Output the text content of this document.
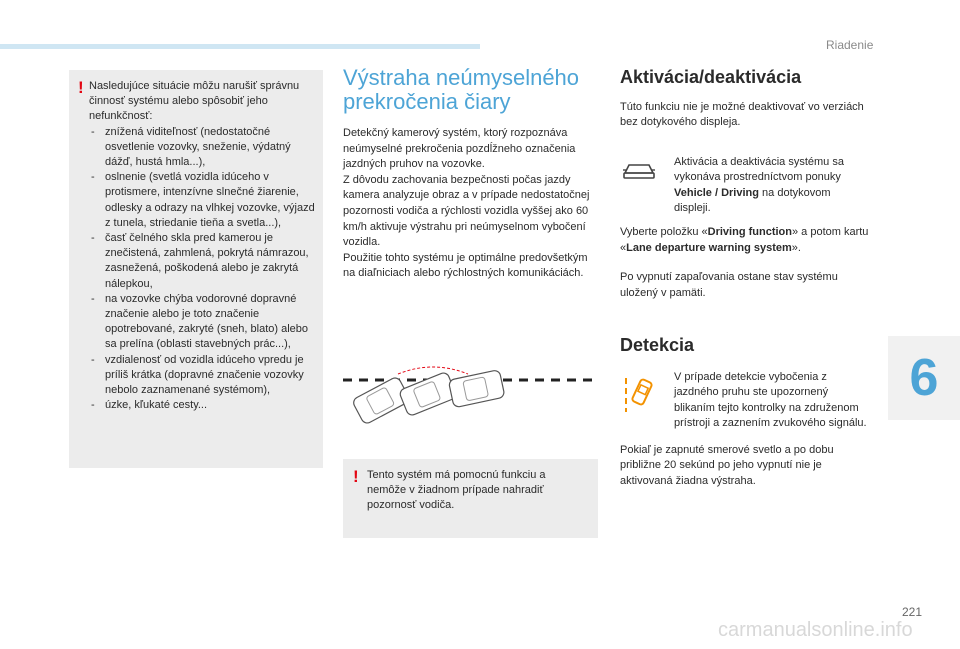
Riadenie
6
! Nasledujúce situácie môžu narušiť správnu činnosť systému alebo spôsobiť jeho nefunkčnosť:
- znížená viditeľnosť (nedostatočné osvetlenie vozovky, sneženie, výdatný dážď, hustá hmla...),
- oslnenie (svetlá vozidla idúceho v protismere, intenzívne slnečné žiarenie, odlesky a odrazy na vlhkej vozovke, výjazd z tunela, striedanie tieňa a svetla...),
- časť čelného skla pred kamerou je znečistená, zahmlená, pokrytá námrazou, zasnežená, poškodená alebo je zakrytá nálepkou,
- na vozovke chýba vodorovné dopravné značenie alebo je toto značenie opotrebované, zakryté (sneh, blato) alebo sa prelína (oblasti stavebných prác...),
- vzdialenosť od vozidla idúceho vpredu je príliš krátka (dopravné značenie vozovky nebolo zaznamenané systémom),
- úzke, kľukaté cesty...
Výstraha neúmyselného
prekročenia čiary

Detekčný kamerový systém, ktorý rozpoznáva neúmyselné prekročenia pozdĺžneho označenia jazdných pruhov na vozovke.
Z dôvodu zachovania bezpečnosti počas jazdy kamera analyzuje obraz a v prípade nedostatočnej pozornosti vodiča a rýchlosti vozidla vyššej ako 60 km/h aktivuje výstrahu pri neúmyselnom vybočení vozidla.
Použitie tohto systému je optimálne predovšetkým na diaľniciach alebo rýchlostných komunikáciách.

! Tento systém má pomocnú funkciu a nemôže v žiadnom prípade nahradiť pozornosť vodiča.
Aktivácia/deaktivácia

Túto funkciu nie je možné deaktivovať vo verziách bez dotykového displeja.

Aktivácia a deaktivácia systému sa vykonáva prostredníctvom ponuky Vehicle / Driving na dotykovom displeji.

Vyberte položku «Driving function» a potom kartu «Lane departure warning system».

Po vypnutí zapaľovania ostane stav systému uložený v pamäti.

Detekcia

V prípade detekcie vybočenia z jazdného pruhu ste upozornený blikaním tejto kontrolky na združenom prístroji a zaznením zvukového signálu.

Pokiaľ je zapnuté smerové svetlo a po dobu približne 20 sekúnd po jeho vypnutí nie je aktivovaná žiadna výstraha.

221
carmanualsonline.info
